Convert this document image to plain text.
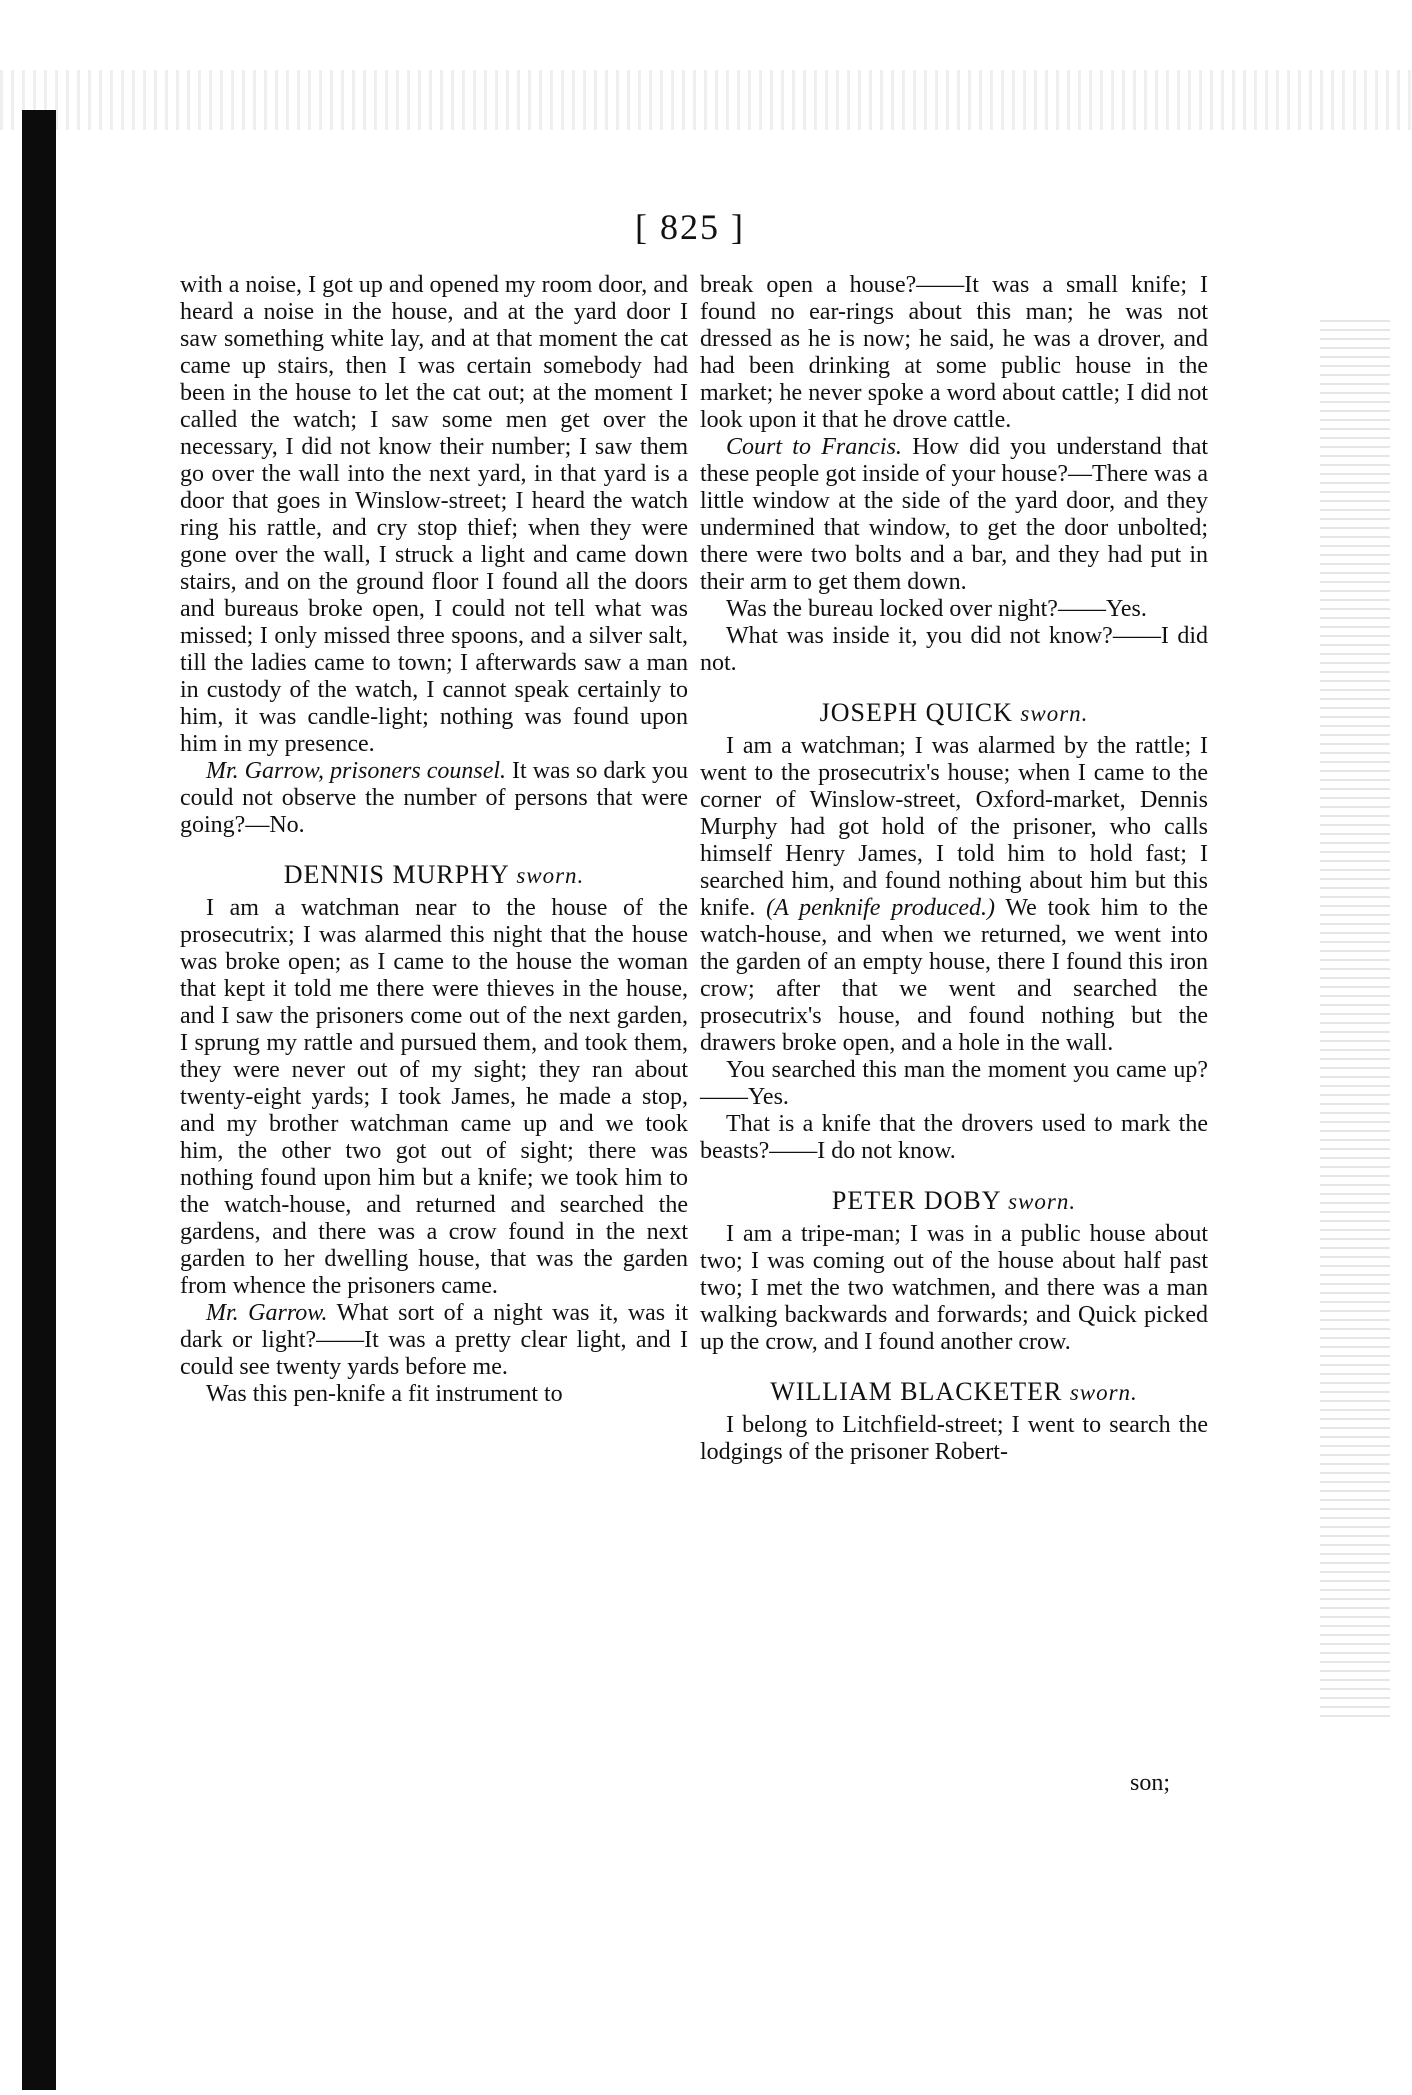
[ 825 ]

with a noise, I got up and opened my room door, and heard a noise in the house, and at the yard door I saw something white lay, and at that moment the cat came up stairs, then I was certain somebody had been in the house to let the cat out; at the moment I called the watch; I saw some men get over the necessary, I did not know their number; I saw them go over the wall into the next yard, in that yard is a door that goes in Winslow-street; I heard the watch ring his rattle, and cry stop thief; when they were gone over the wall, I struck a light and came down stairs, and on the ground floor I found all the doors and bureaus broke open, I could not tell what was missed; I only missed three spoons, and a silver salt, till the ladies came to town; I afterwards saw a man in custody of the watch, I cannot speak certainly to him, it was candle-light; nothing was found upon him in my presence.

Mr. Garrow, prisoners counsel. It was so dark you could not observe the number of persons that were going?—No.

DENNIS MURPHY sworn.

I am a watchman near to the house of the prosecutrix; I was alarmed this night that the house was broke open; as I came to the house the woman that kept it told me there were thieves in the house, and I saw the prisoners come out of the next garden, I sprung my rattle and pursued them, and took them, they were never out of my sight; they ran about twenty-eight yards; I took James, he made a stop, and my brother watchman came up and we took him, the other two got out of sight; there was nothing found upon him but a knife; we took him to the watch-house, and returned and searched the gardens, and there was a crow found in the next garden to her dwelling house, that was the garden from whence the prisoners came.

Mr. Garrow. What sort of a night was it, was it dark or light?——It was a pretty clear light, and I could see twenty yards before me.

Was this pen-knife a fit instrument to

break open a house?——It was a small knife; I found no ear-rings about this man; he was not dressed as he is now; he said, he was a drover, and had been drinking at some public house in the market; he never spoke a word about cattle; I did not look upon it that he drove cattle.

Court to Francis. How did you understand that these people got inside of your house?—There was a little window at the side of the yard door, and they undermined that window, to get the door unbolted; there were two bolts and a bar, and they had put in their arm to get them down.

Was the bureau locked over night?——Yes.

What was inside it, you did not know?——I did not.

JOSEPH QUICK sworn.

I am a watchman; I was alarmed by the rattle; I went to the prosecutrix's house; when I came to the corner of Winslow-street, Oxford-market, Dennis Murphy had got hold of the prisoner, who calls himself Henry James, I told him to hold fast; I searched him, and found nothing about him but this knife. (A penknife produced.) We took him to the watch-house, and when we returned, we went into the garden of an empty house, there I found this iron crow; after that we went and searched the prosecutrix's house, and found nothing but the drawers broke open, and a hole in the wall.

You searched this man the moment you came up?——Yes.

That is a knife that the drovers used to mark the beasts?——I do not know.

PETER DOBY sworn.

I am a tripe-man; I was in a public house about two; I was coming out of the house about half past two; I met the two watchmen, and there was a man walking backwards and forwards; and Quick picked up the crow, and I found another crow.

WILLIAM BLACKETER sworn.

I belong to Litchfield-street; I went to search the lodgings of the prisoner Robert-

son;
